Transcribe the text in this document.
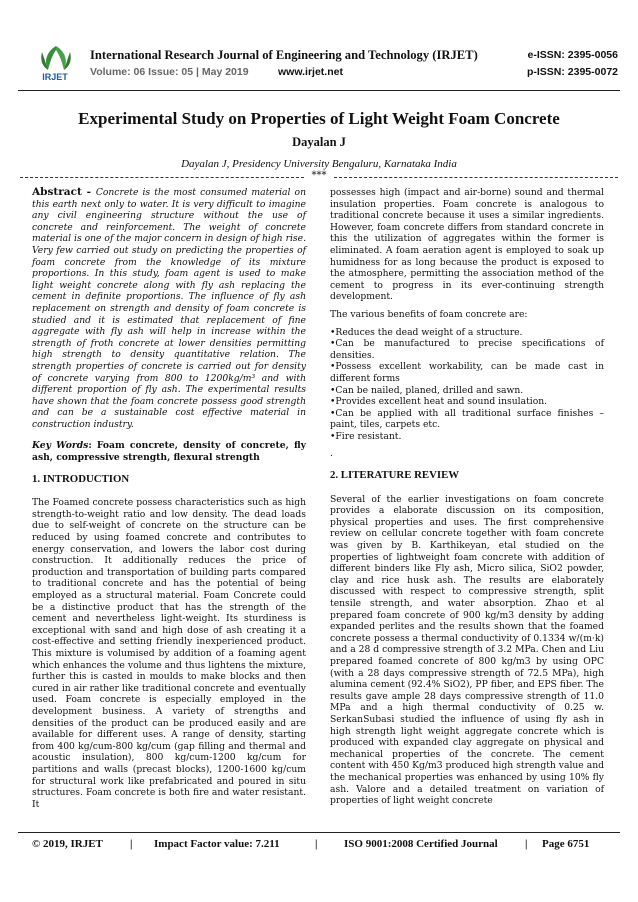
IRJET
International Research Journal of Engineering and Technology (IRJET)
Volume: 06 Issue: 05 | May 2019	www.irjet.net
e-ISSN: 2395-0056
p-ISSN: 2395-0072
Experimental Study on Properties of Light Weight Foam Concrete
Dayalan J
Dayalan J, Presidency University Bengaluru, Karnataka India
***

Abstract - Concrete is the most consumed material on this earth next only to water. It is very difficult to imagine any civil engineering structure without the use of concrete and reinforcement. The weight of concrete material is one of the major concern in design of high rise. Very few carried out study on predicting the properties of foam concrete from the knowledge of its mixture proportions. In this study, foam agent is used to make light weight concrete along with fly ash replacing the cement in definite proportions. The influence of fly ash replacement on strength and density of foam concrete is studied and it is estimated that replacement of fine aggregate with fly ash will help in increase within the strength of froth concrete at lower densities permitting high strength to density quantitative relation. The strength properties of concrete is carried out for density of concrete varying from 800 to 1200kg/m³ and with different proportion of fly ash. The experimental results have shown that the foam concrete possess good strength and can be a sustainable cost effective material in construction industry.

Key Words: Foam concrete, density of concrete, fly ash, compressive strength, flexural strength

1. INTRODUCTION

The Foamed concrete possess characteristics such as high strength-to-weight ratio and low density. The dead loads due to self-weight of concrete on the structure can be reduced by using foamed concrete and contributes to energy conservation, and lowers the labor cost during construction. It additionally reduces the price of production and transportation of building parts compared to traditional concrete and has the potential of being employed as a structural material. Foam Concrete could be a distinctive product that has the strength of the cement and nevertheless light-weight. Its sturdiness is exceptional with sand and high dose of ash creating it a cost-effective and setting friendly inexperienced product. This mixture is volumised by addition of a foaming agent which enhances the volume and thus lightens the mixture, further this is casted in moulds to make blocks and then cured in air rather like traditional concrete and eventually used. Foam concrete is especially employed in the development business. A variety of strengths and densities of the product can be produced easily and are available for different uses. A range of density, starting from 400 kg/cum-800 kg/cum (gap filling and thermal and acoustic insulation), 800 kg/cum-1200 kg/cum for partitions and walls (precast blocks), 1200-1600 kg/cum for structural work like prefabricated and poured in situ structures. Foam concrete is both fire and water resistant. It

possesses high (impact and air-borne) sound and thermal insulation properties. Foam concrete is analogous to traditional concrete because it uses a similar ingredients. However, foam concrete differs from standard concrete in this the utilization of aggregates within the former is eliminated. A foam aeration agent is employed to soak up humidness for as long because the product is exposed to the atmosphere, permitting the association method of the cement to progress in its ever-continuing strength development.

The various benefits of foam concrete are:

• Reduces the dead weight of a structure.
• Can be manufactured to precise specifications of densities.
• Possess excellent workability, can be made cast in different forms
• Can be nailed, planed, drilled and sawn.
• Provides excellent heat and sound insulation.
• Can be applied with all traditional surface finishes – paint, tiles, carpets etc.
• Fire resistant.

.

2. LITERATURE REVIEW

Several of the earlier investigations on foam concrete provides a elaborate discussion on its composition, physical properties and uses. The first comprehensive review on cellular concrete together with foam concrete was given by B. Karthikeyan, etal studied on the properties of lightweight foam concrete with addition of different binders like Fly ash, Micro silica, SiO2 powder, clay and rice husk ash. The results are elaborately discussed with respect to compressive strength, split tensile strength, and water absorption. Zhao et al prepared foam concrete of 900 kg/m3 density by adding expanded perlites and the results shown that the foamed concrete possess a thermal conductivity of 0.1334 w/(m·k) and a 28 d compressive strength of 3.2 MPa. Chen and Liu prepared foamed concrete of 800 kg/m3 by using OPC (with a 28 days compressive strength of 72.5 MPa), high alumina cement (92.4% SiO2), PP fiber, and EPS fiber. The results gave ample 28 days compressive strength of 11.0 MPa and a high thermal conductivity of 0.25 w. SerkanSubasi studied the influence of using fly ash in high strength light weight aggregate concrete which is produced with expanded clay aggregate on physical and mechanical properties of the concrete. The cement content with 450 Kg/m3 produced high strength value and the mechanical properties was enhanced by using 10% fly ash. Valore and a detailed treatment on variation of properties of light weight concrete

© 2019, IRJET | Impact Factor value: 7.211	| ISO 9001:2008 Certified Journal | Page 6751
